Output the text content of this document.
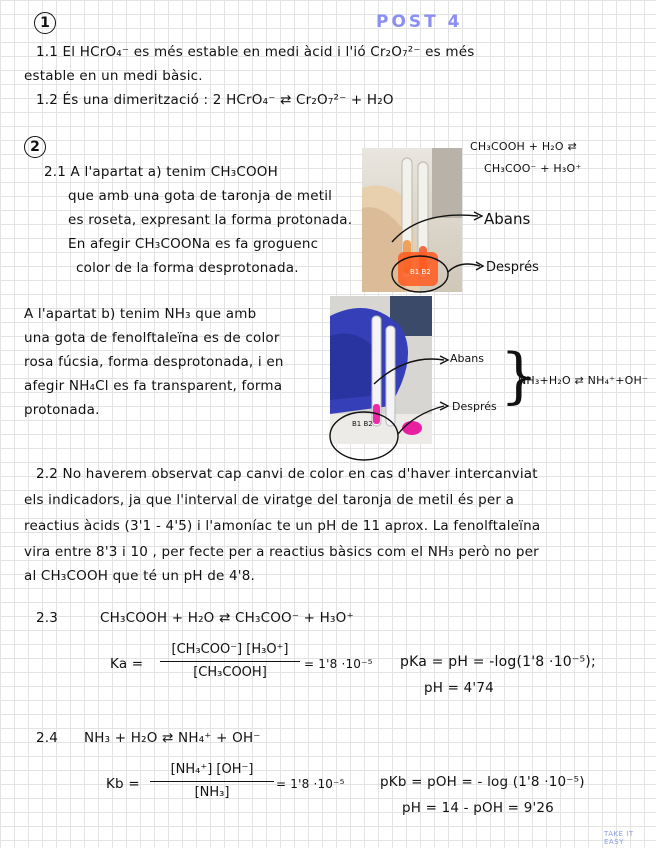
1	POST 4
1.1 El HCrO₄⁻ es més estable en medi àcid i l'ió Cr₂O₇²⁻ es més
estable en un medi bàsic.
1.2 És una dimerització : 2 HCrO₄⁻ ⇄ Cr₂O₇²⁻ + H₂O
2	CH₃COOH + H₂O ⇄
CH₃COO⁻ + H₃O⁺
2.1 A l'apartat a) tenim CH₃COOH
que amb una gota de taronja de metil
es roseta, expresant la forma protonada.
En afegir CH₃COONa es fa groguenc
color de la forma desprotonada.	B1 B2
Abans
Després
A l'apartat b) tenim NH₃ que amb
una gota de fenolftaleïna es de color
rosa fúcsia, forma desprotonada, i en
afegir NH₄Cl es fa transparent, forma
protonada.
B1 B2
Abans
Després }
NH₃+H₂O ⇄ NH₄⁺+OH⁻
2.2 No haverem observat cap canvi de color en cas d'haver intercanviat
els indicadors, ja que l'interval de viratge del taronja de metil és per a
reactius àcids (3'1 - 4'5) i l'amoníac te un pH de 11 aprox. La fenolftaleïna
vira entre 8'3 i 10 , per fecte per a reactius bàsics com el NH₃ però no per
al CH₃COOH que té un pH de 4'8.
2.3	CH₃COOH + H₂O ⇄ CH₃COO⁻ + H₃O⁺
Ka =
[CH₃COO⁻] [H₃O⁺]
[CH₃COOH]
= 1'8 ·10⁻⁵ pKa = pH = -log(1'8 ·10⁻⁵);
pH = 4'74
2.4 NH₃ + H₂O ⇄ NH₄⁺ + OH⁻
Kb =
[NH₄⁺] [OH⁻]
[NH₃]
= 1'8 ·10⁻⁵	pKb = pOH = - log (1'8 ·10⁻⁵)
pH = 14 - pOH = 9'26
TAKE IT EASY
